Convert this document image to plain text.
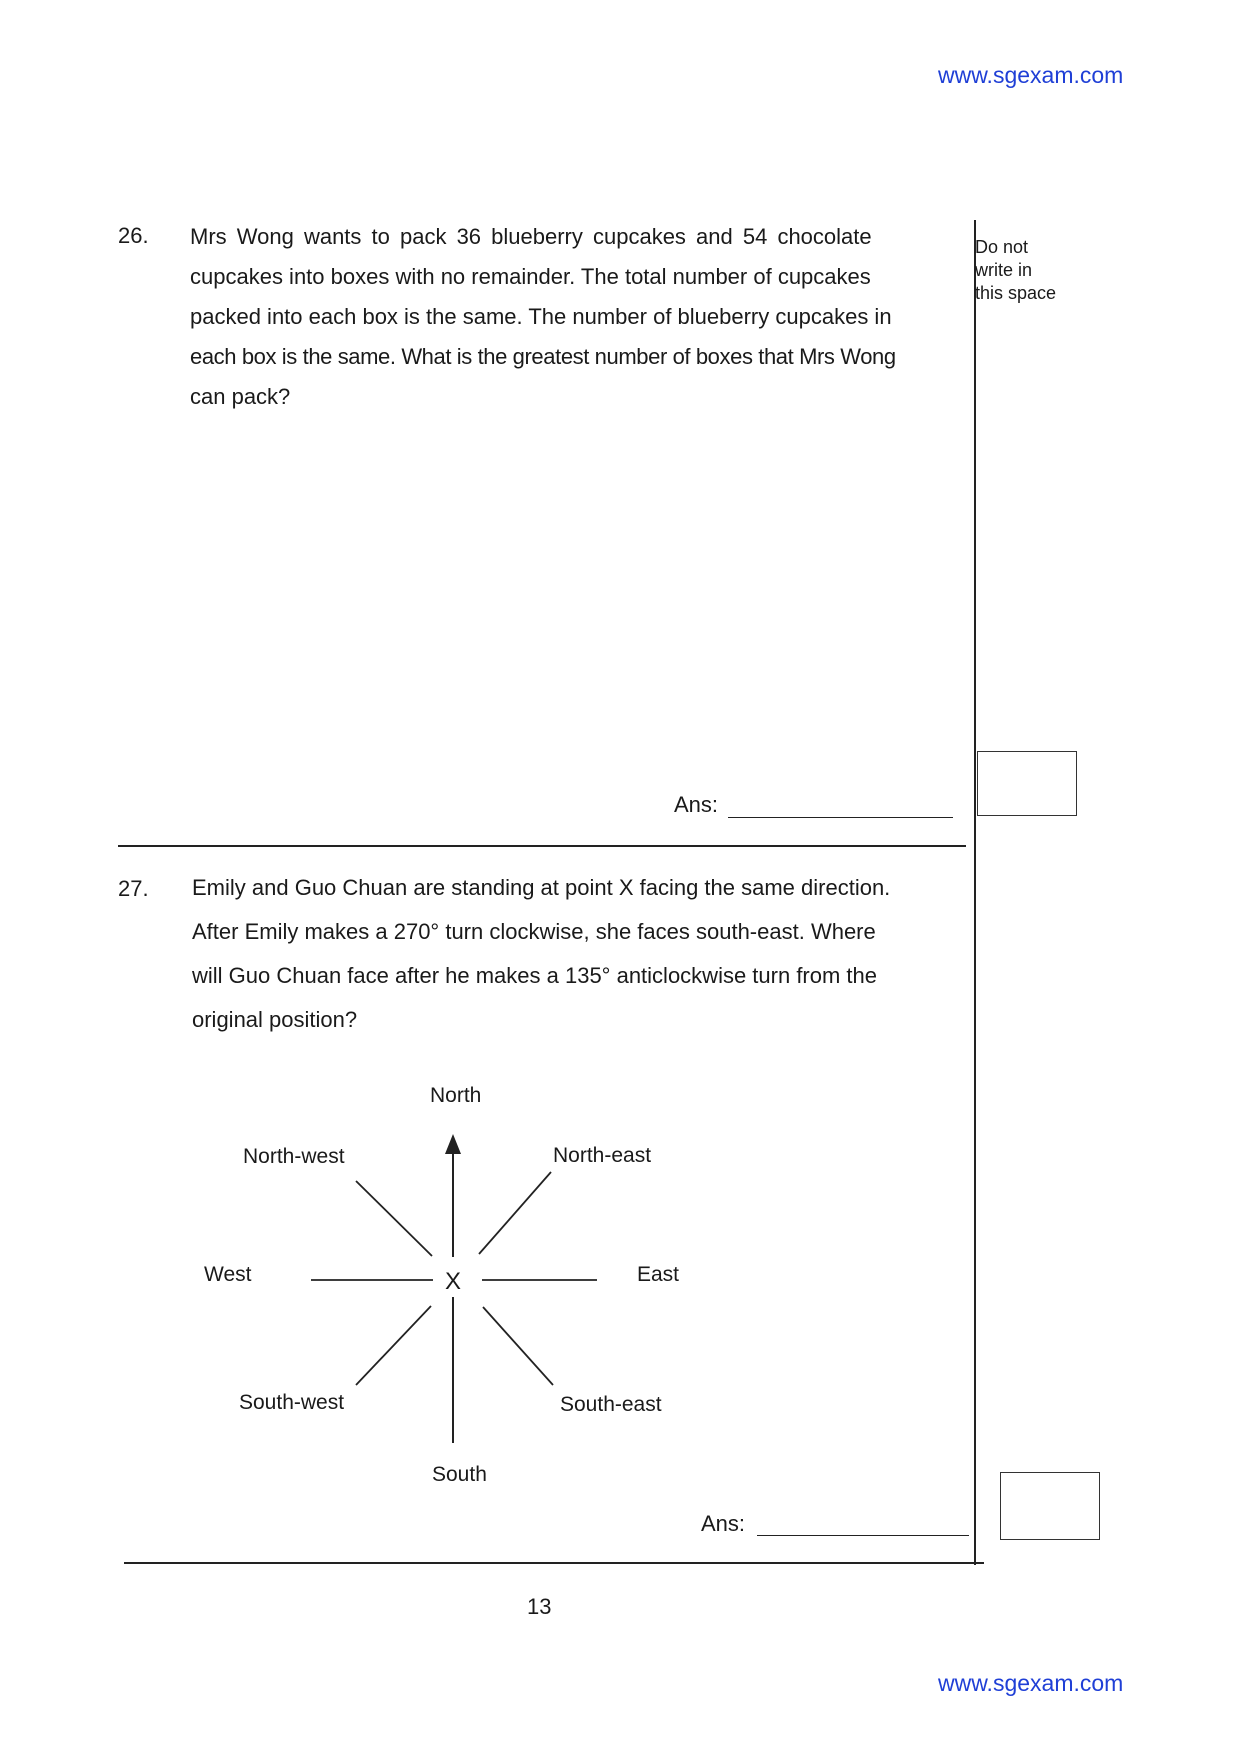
www.sgexam.com
Do not
write in
this space
26. Mrs Wong wants to pack 36 blueberry cupcakes and 54 chocolate
cupcakes into boxes with no remainder. The total number of cupcakes
packed into each box is the same. The number of blueberry cupcakes in
each box is the same. What is the greatest number of boxes that Mrs Wong
can pack?
Ans:
27. Emily and Guo Chuan are standing at point X facing the same direction.
After Emily makes a 270° turn clockwise, she faces south-east. Where
will Guo Chuan face after he makes a 135° anticlockwise turn from the
original position?
X
North
North-west	North-east
West	East
South-west	South-east
South
Ans:
13
www.sgexam.com
